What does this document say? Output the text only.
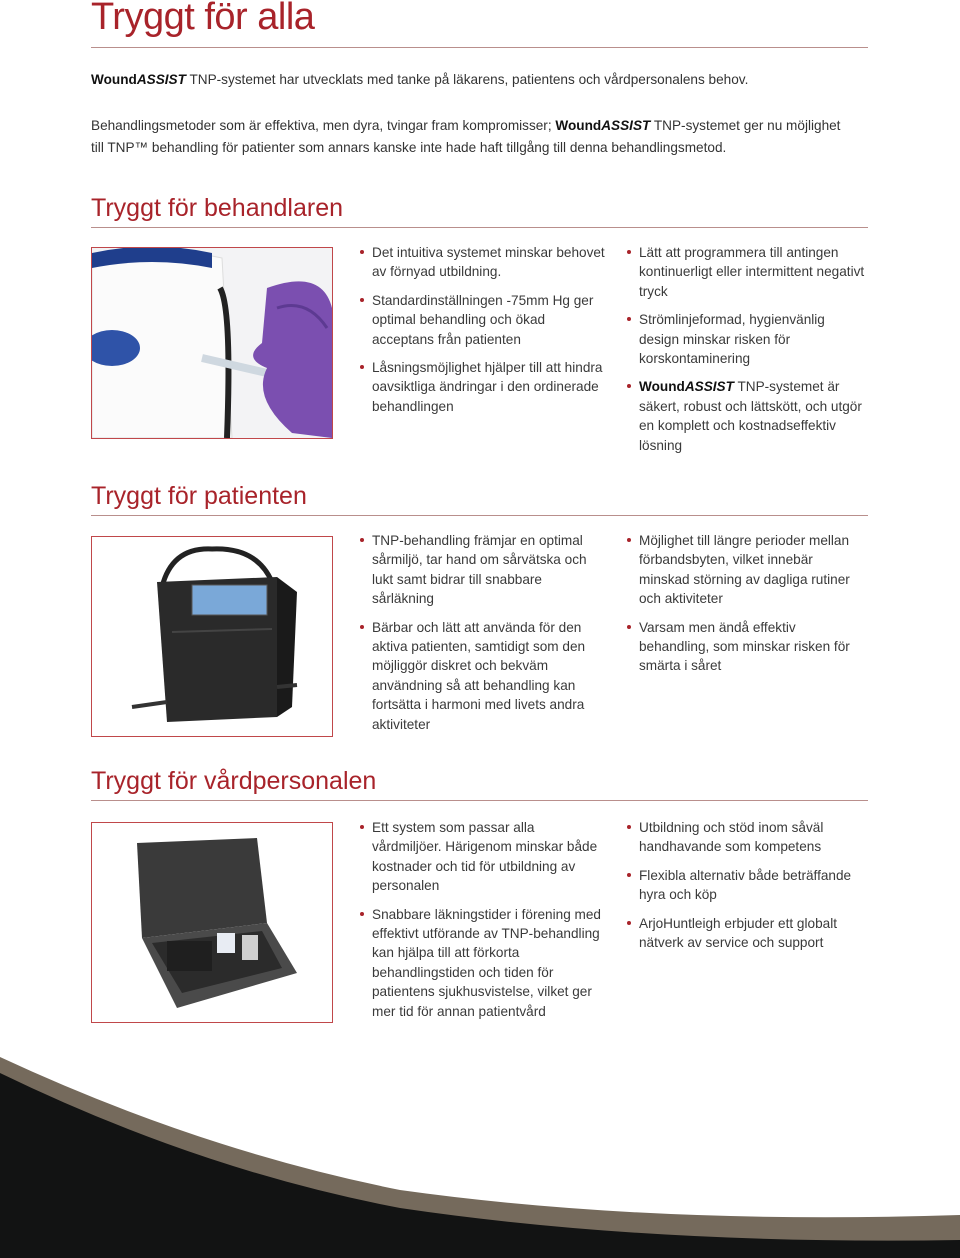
Tryggt för alla
WoundASSIST TNP-systemet har utvecklats med tanke på läkarens, patientens och vårdpersonalens behov.
Behandlingsmetoder som är effektiva, men dyra, tvingar fram kompromisser; WoundASSIST TNP-systemet ger nu möjlighet till TNP™ behandling för patienter som annars kanske inte hade haft tillgång till denna behandlingsmetod.
Tryggt för behandlaren
Det intuitiva systemet minskar behovet av förnyad utbildning.
Standardinställningen -75mm Hg ger optimal behandling och ökad acceptans från patienten
Låsningsmöjlighet hjälper till att hindra oavsiktliga ändringar i den ordinerade behandlingen
Lätt att programmera till antingen kontinuerligt eller intermittent negativt tryck
Strömlinjeformad, hygienvänlig design minskar risken för korskontaminering
WoundASSIST TNP-systemet är säkert, robust och lättskött, och utgör en komplett och kostnadseffektiv lösning
Tryggt för patienten
TNP-behandling främjar en optimal sårmiljö, tar hand om sårvätska och lukt samt bidrar till snabbare sårläkning
Bärbar och lätt att använda för den aktiva patienten, samtidigt som den möjliggör diskret och bekväm användning så att behandling kan fortsätta i harmoni med livets andra aktiviteter
Möjlighet till längre perioder mellan förbandsbyten, vilket innebär minskad störning av dagliga rutiner och aktiviteter
Varsam men ändå effektiv behandling, som minskar risken för smärta i såret
Tryggt för vårdpersonalen
Ett system som passar alla vårdmiljöer. Härigenom minskar både kostnader och tid för utbildning av personalen
Snabbare läkningstider i förening med effektivt utförande av TNP-behandling kan hjälpa till att förkorta behandlingstiden och tiden för patientens sjukhusvistelse, vilket ger mer tid för annan patientvård
Utbildning och stöd inom såväl handhavande som kompetens
Flexibla alternativ både beträffande hyra och köp
ArjoHuntleigh erbjuder ett globalt nätverk av service och support
